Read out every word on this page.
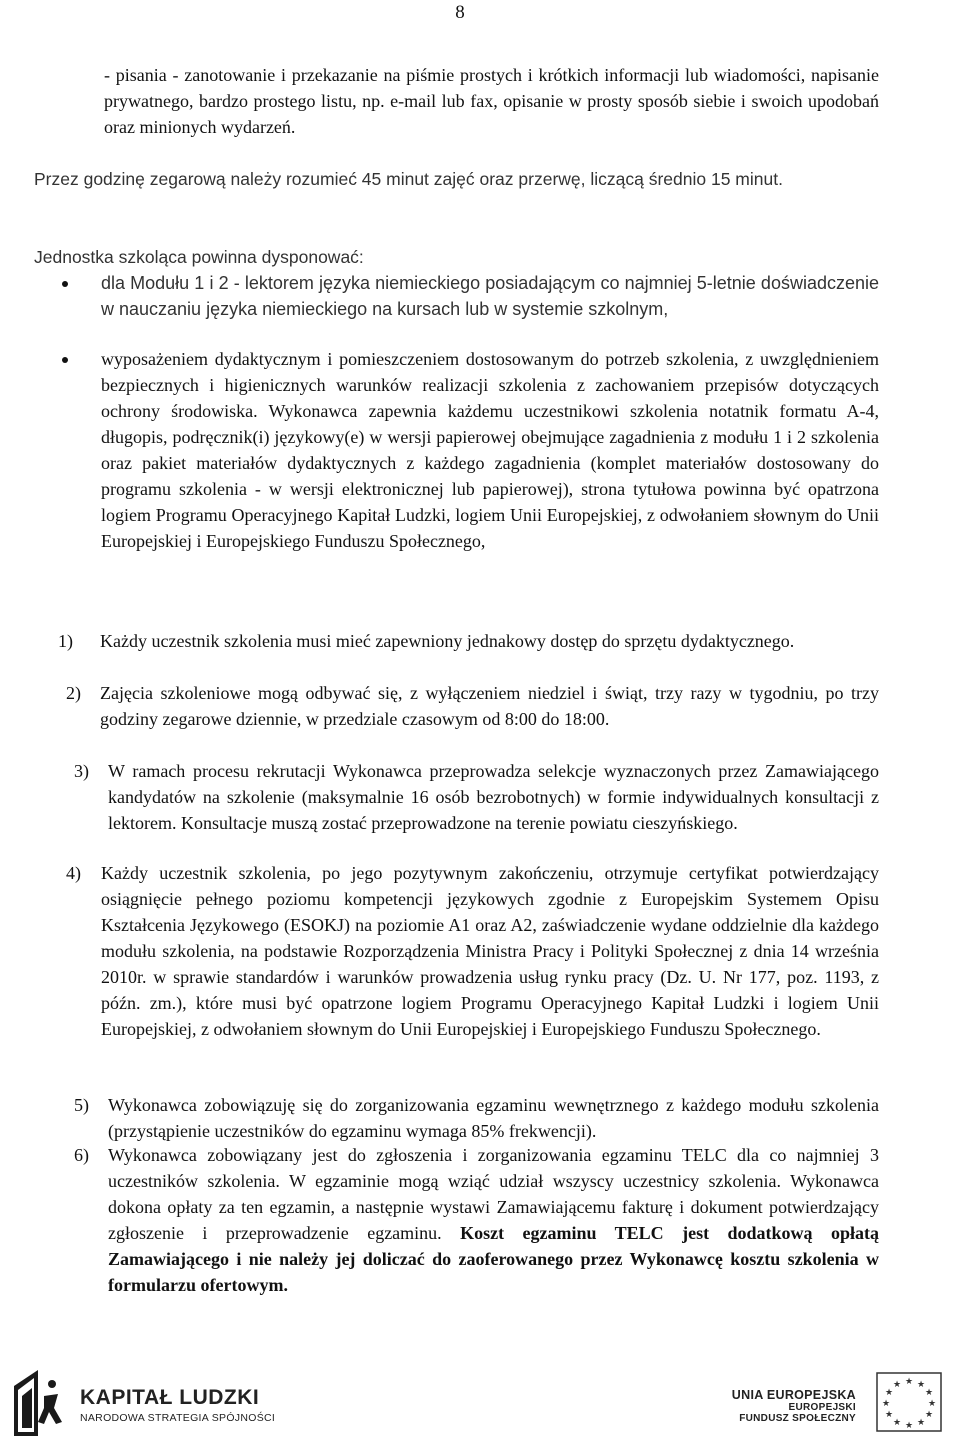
8
- pisania - zanotowanie i przekazanie na piśmie prostych i krótkich informacji lub wiadomości, napisanie prywatnego, bardzo prostego listu, np. e-mail lub fax, opisanie w prosty sposób siebie i swoich upodobań oraz minionych wydarzeń.
Przez godzinę zegarową należy rozumieć 45 minut zajęć oraz przerwę, liczącą średnio 15 minut.
Jednostka szkoląca powinna dysponować:
dla Modułu 1 i 2 - lektorem języka niemieckiego posiadającym co najmniej 5-letnie doświadczenie w nauczaniu języka niemieckiego na kursach lub w systemie szkolnym,
wyposażeniem dydaktycznym i pomieszczeniem dostosowanym do potrzeb szkolenia, z uwzględnieniem bezpiecznych i higienicznych warunków realizacji szkolenia z zachowaniem przepisów dotyczących ochrony środowiska. Wykonawca zapewnia każdemu uczestnikowi szkolenia notatnik formatu A-4, długopis, podręcznik(i) językowy(e) w wersji papierowej obejmujące zagadnienia z modułu 1 i 2 szkolenia oraz pakiet materiałów dydaktycznych z każdego zagadnienia (komplet materiałów dostosowany do programu szkolenia - w wersji elektronicznej lub papierowej), strona tytułowa powinna być opatrzona logiem Programu Operacyjnego Kapitał Ludzki, logiem Unii Europejskiej, z odwołaniem słownym do Unii Europejskiej i Europejskiego Funduszu Społecznego,
1) Każdy uczestnik szkolenia musi mieć zapewniony jednakowy dostęp do sprzętu dydaktycznego.
2) Zajęcia szkoleniowe mogą odbywać się, z wyłączeniem niedziel i świąt, trzy razy w tygodniu, po trzy godziny zegarowe dziennie, w przedziale czasowym od 8:00 do 18:00.
3) W ramach procesu rekrutacji Wykonawca przeprowadza selekcje wyznaczonych przez Zamawiającego kandydatów na szkolenie (maksymalnie 16 osób bezrobotnych) w formie indywidualnych konsultacji z lektorem. Konsultacje muszą zostać przeprowadzone na terenie powiatu cieszyńskiego.
4) Każdy uczestnik szkolenia, po jego pozytywnym zakończeniu, otrzymuje certyfikat potwierdzający osiągnięcie pełnego poziomu kompetencji językowych zgodnie z Europejskim Systemem Opisu Kształcenia Językowego (ESOKJ) na poziomie A1 oraz A2, zaświadczenie wydane oddzielnie dla każdego modułu szkolenia, na podstawie Rozporządzenia Ministra Pracy i Polityki Społecznej z dnia 14 września 2010r. w sprawie standardów i warunków prowadzenia usług rynku pracy (Dz. U. Nr 177, poz. 1193, z późn. zm.), które musi być opatrzone logiem Programu Operacyjnego Kapitał Ludzki i logiem Unii Europejskiej, z odwołaniem słownym do Unii Europejskiej i Europejskiego Funduszu Społecznego.
5) Wykonawca zobowiązuję się do zorganizowania egzaminu wewnętrznego z każdego modułu szkolenia (przystąpienie uczestników do egzaminu wymaga 85% frekwencji).
6) Wykonawca zobowiązany jest do zgłoszenia i zorganizowania egzaminu TELC dla co najmniej 3 uczestników szkolenia. W egzaminie mogą wziąć udział wszyscy uczestnicy szkolenia. Wykonawca dokona opłaty za ten egzamin, a następnie wystawi Zamawiającemu fakturę i dokument potwierdzający zgłoszenie i przeprowadzenie egzaminu. Koszt egzaminu TELC jest dodatkową opłatą Zamawiającego i nie należy jej doliczać do zaoferowanego przez Wykonawcę kosztu szkolenia w formularzu ofertowym.
KAPITAŁ LUDZKI
NARODOWA STRATEGIA SPÓJNOŚCI
UNIA EUROPEJSKA
EUROPEJSKI
FUNDUSZ SPOŁECZNY
★ ★
★
★
★
★
★
★
★
★
★
★
